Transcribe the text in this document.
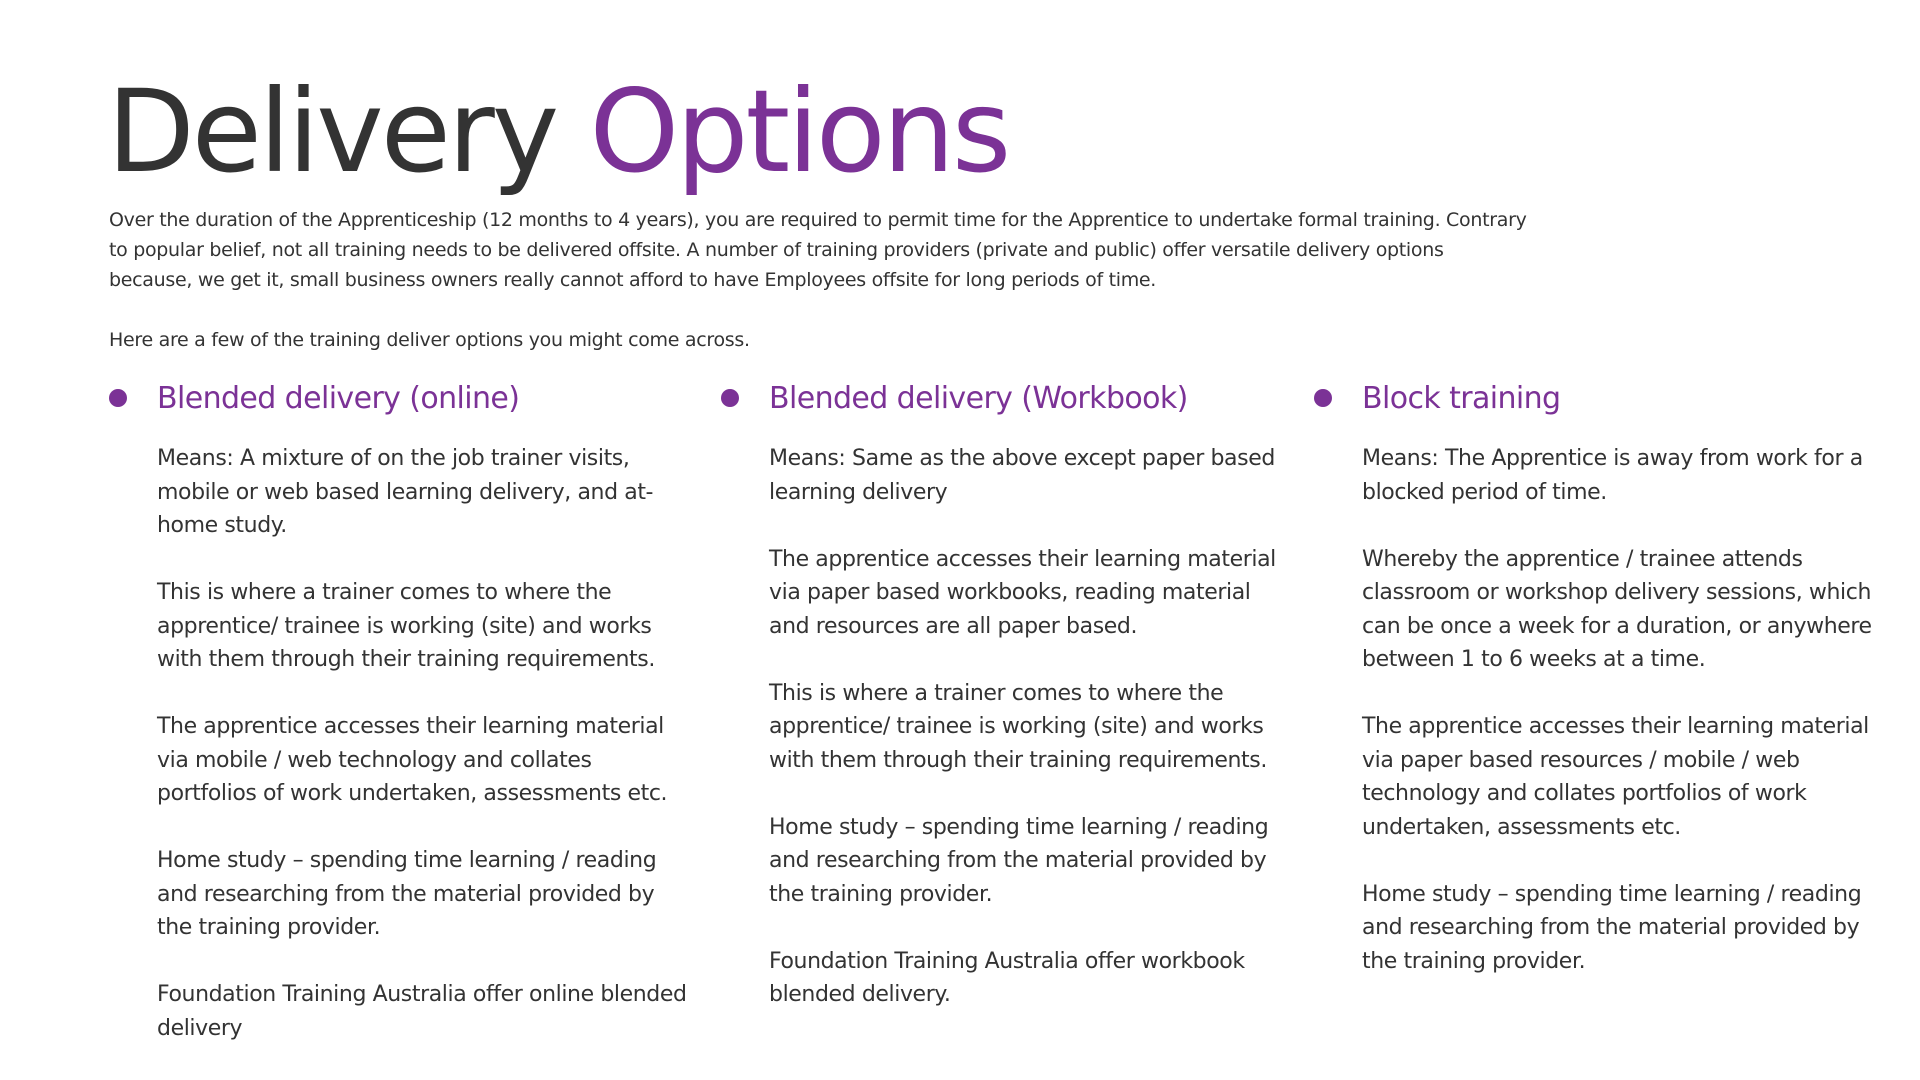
Delivery Options

Over the duration of the Apprenticeship (12 months to 4 years), you are required to permit time for the Apprentice to undertake formal training. Contrary to popular belief, not all training needs to be delivered offsite. A number of training providers (private and public) offer versatile delivery options because, we get it, small business owners really cannot afford to have Employees offsite for long periods of time.

Here are a few of the training deliver options you might come across.

Blended delivery (online)

Means: A mixture of on the job trainer visits, mobile or web based learning delivery, and at-home study.

This is where a trainer comes to where the apprentice/ trainee is working (site) and works with them through their training requirements.

The apprentice accesses their learning material via mobile / web technology and collates portfolios of work undertaken, assessments etc.

Home study – spending time learning / reading and researching from the material provided by the training provider.

Foundation Training Australia offer online blended delivery

Blended delivery (Workbook)

Means: Same as the above except paper based learning delivery

The apprentice accesses their learning material via paper based workbooks, reading material and resources are all paper based.

This is where a trainer comes to where the apprentice/ trainee is working (site) and works with them through their training requirements.

Home study – spending time learning / reading and researching from the material provided by the training provider.

Foundation Training Australia offer workbook blended delivery.

Block training

Means: The Apprentice is away from work for a blocked period of time.

Whereby the apprentice / trainee attends classroom or workshop delivery sessions, which can be once a week for a duration, or anywhere between 1 to 6 weeks at a time.

The apprentice accesses their learning material via paper based resources / mobile / web technology and collates portfolios of work undertaken, assessments etc.

Home study – spending time learning / reading and researching from the material provided by the training provider.
